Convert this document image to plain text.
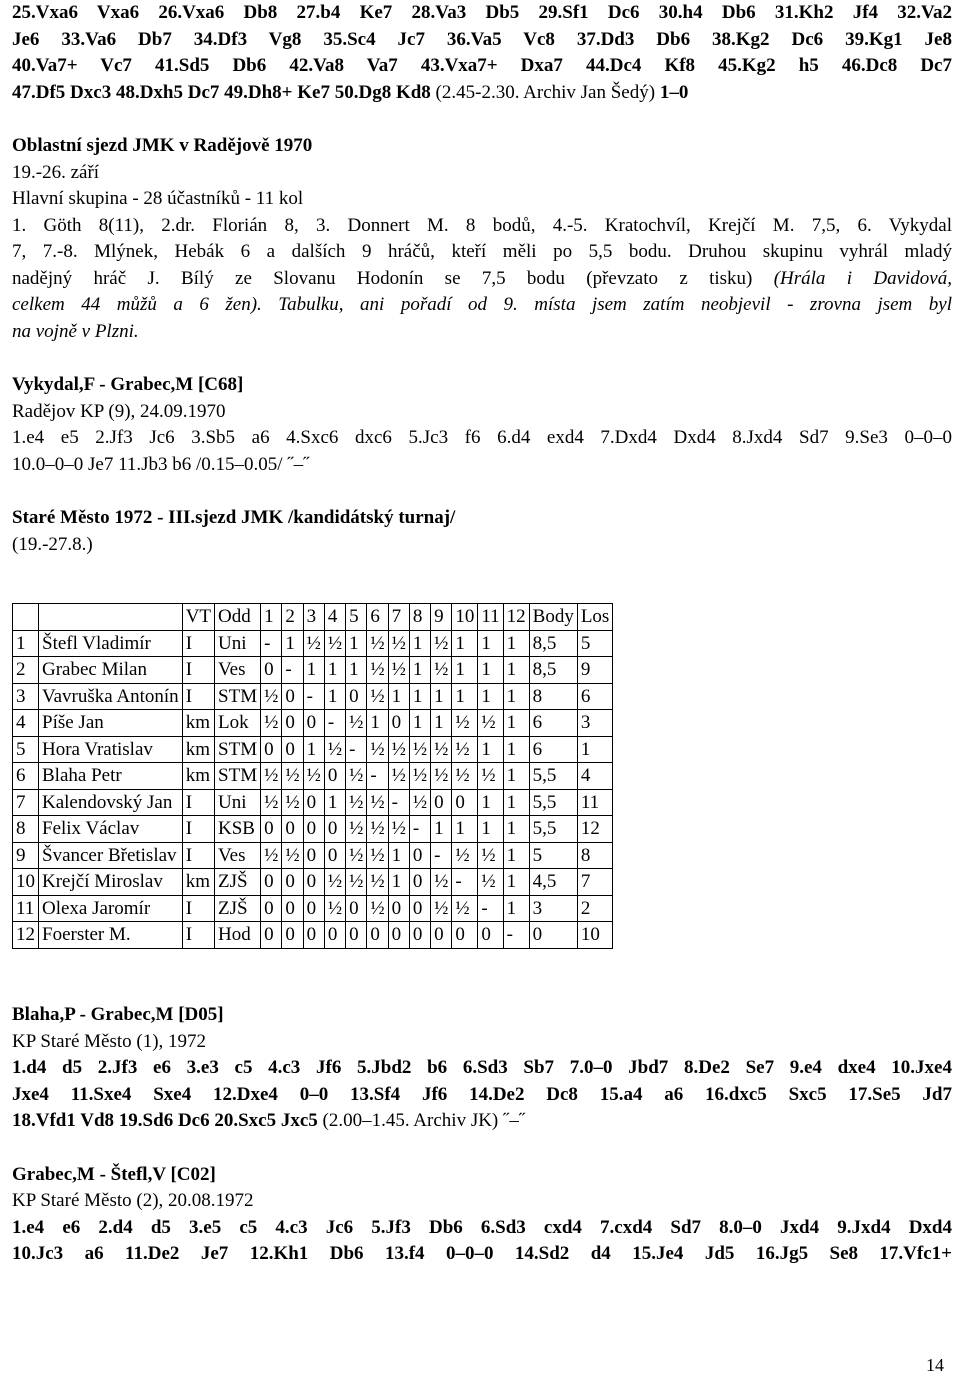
25.Vxa6 Vxa6 26.Vxa6 Db8 27.b4 Ke7 28.Va3 Db5 29.Sf1 Dc6 30.h4 Db6 31.Kh2 Jf4 32.Va2

Je6 33.Va6 Db7 34.Df3 Vg8 35.Sc4 Jc7 36.Va5 Vc8 37.Dd3 Db6 38.Kg2 Dc6 39.Kg1 Je8

40.Va7+ Vc7 41.Sd5 Db6 42.Va8 Va7 43.Vxa7+ Dxa7 44.Dc4 Kf8 45.Kg2 h5 46.Dc8 Dc7

47.Df5 Dxc3 48.Dxh5 Dc7 49.Dh8+ Ke7 50.Dg8 Kd8 (2.45-2.30. Archiv Jan Šedý) 1–0

Oblastní sjezd JMK v Radějově 1970

19.-26. září

Hlavní skupina - 28 účastníků - 11 kol

1. Göth 8(11), 2.dr. Florián 8, 3. Donnert M. 8 bodů, 4.-5. Kratochvíl, Krejčí M. 7,5, 6. Vykydal

7, 7.-8. Mlýnek, Hebák 6 a dalších 9 hráčů, kteří měli po 5,5 bodu. Druhou skupinu vyhrál mladý

nadějný hráč J. Bílý ze Slovanu Hodonín se 7,5 bodu (převzato z tisku) (Hrála i Davidová,

celkem 44 můžů a 6 žen). Tabulku, ani pořadí od 9. místa jsem zatím neobjevil - zrovna jsem byl

na vojně v Plzni.

Vykydal,F - Grabec,M [C68]

Radějov KP (9), 24.09.1970

1.e4 e5 2.Jf3 Jc6 3.Sb5 a6 4.Sxc6 dxc6 5.Jc3 f6 6.d4 exd4 7.Dxd4 Dxd4 8.Jxd4 Sd7 9.Se3 0–0–0

10.0–0–0 Je7 11.Jb3 b6 /0.15–0.05/ ˝–˝

Staré Město 1972 - III.sjezd JMK /kandidátský turnaj/

(19.-27.8.)

		VT	Odd	1	2	3	4	5	6	7	8	9	10	11	12	Body	Los
1	Štefl Vladimír	I	Uni	-	1	½	½	1	½	½	1	½	1	1	1	8,5	5
2	Grabec Milan	I	Ves	0	-	1	1	1	½	½	1	½	1	1	1	8,5	9
3	Vavruška Antonín	I	STM	½	0	-	1	0	½	1	1	1	1	1	1	8	6
4	Píše Jan	km	Lok	½	0	0	-	½	1	0	1	1	½	½	1	6	3
5	Hora Vratislav	km	STM	0	0	1	½	-	½	½	½	½	½	1	1	6	1
6	Blaha Petr	km	STM	½	½	½	0	½	-	½	½	½	½	½	1	5,5	4
7	Kalendovský Jan	I	Uni	½	½	0	1	½	½	-	½	0	0	1	1	5,5	11
8	Felix Václav	I	KSB	0	0	0	0	½	½	½	-	1	1	1	1	5,5	12
9	Švancer Břetislav	I	Ves	½	½	0	0	½	½	1	0	-	½	½	1	5	8
10	Krejčí Miroslav	km	ZJŠ	0	0	0	½	½	½	1	0	½	-	½	1	4,5	7
11	Olexa Jaromír	I	ZJŠ	0	0	0	½	0	½	0	0	½	½	-	1	3	2
12	Foerster M.	I	Hod	0	0	0	0	0	0	0	0	0	0	0	-	0	10

Blaha,P - Grabec,M [D05]

KP Staré Město (1), 1972

1.d4 d5 2.Jf3 e6 3.e3 c5 4.c3 Jf6 5.Jbd2 b6 6.Sd3 Sb7 7.0–0 Jbd7 8.De2 Se7 9.e4 dxe4 10.Jxe4

Jxe4 11.Sxe4 Sxe4 12.Dxe4 0–0 13.Sf4 Jf6 14.De2 Dc8 15.a4 a6 16.dxc5 Sxc5 17.Se5 Jd7

18.Vfd1 Vd8 19.Sd6 Dc6 20.Sxc5 Jxc5 (2.00–1.45. Archiv JK) ˝–˝

Grabec,M - Štefl,V [C02]

KP Staré Město (2), 20.08.1972

1.e4 e6 2.d4 d5 3.e5 c5 4.c3 Jc6 5.Jf3 Db6 6.Sd3 cxd4 7.cxd4 Sd7 8.0–0 Jxd4 9.Jxd4 Dxd4

10.Jc3 a6 11.De2 Je7 12.Kh1 Db6 13.f4 0–0–0 14.Sd2 d4 15.Je4 Jd5 16.Jg5 Se8 17.Vfc1+

14
